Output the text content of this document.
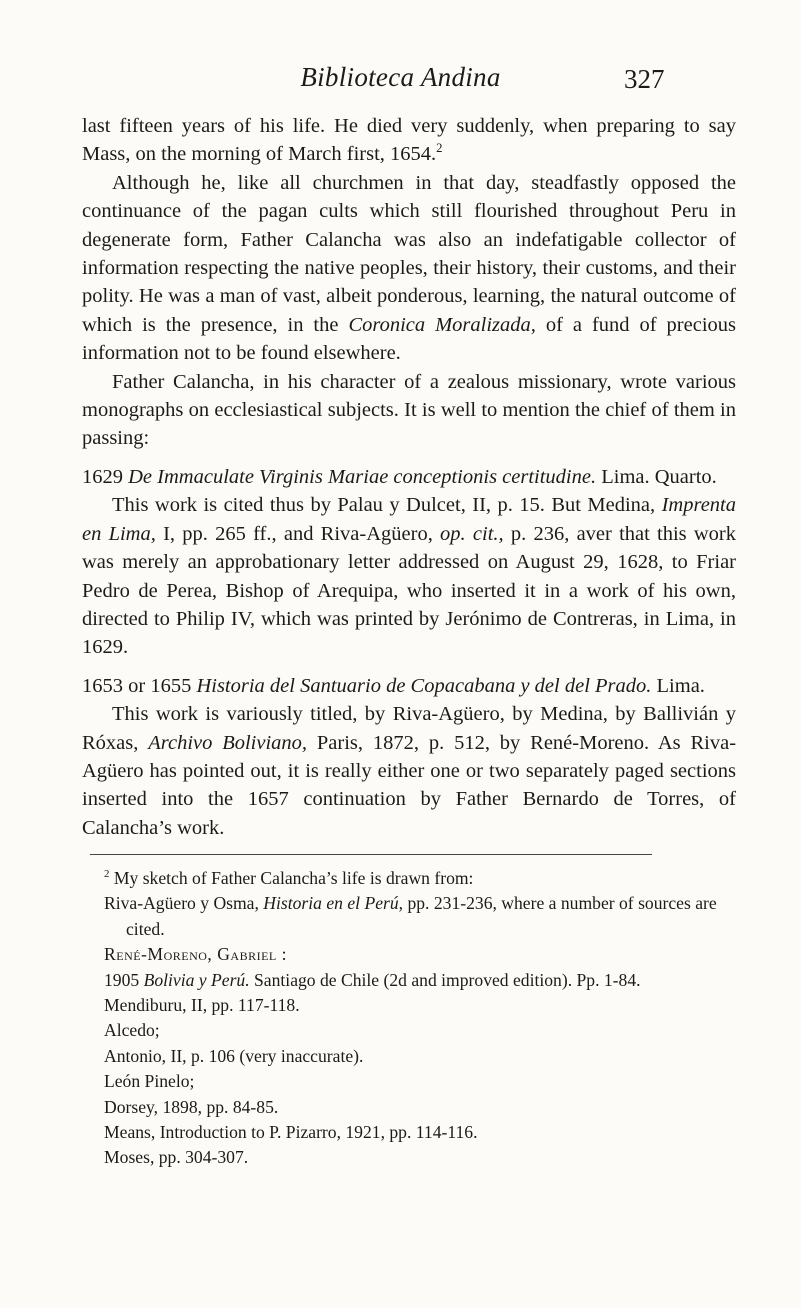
Biblioteca Andina	327

last fifteen years of his life. He died very suddenly, when preparing to say Mass, on the morning of March first, 1654.$^2$

Although he, like all churchmen in that day, steadfastly opposed the continuance of the pagan cults which still flourished throughout Peru in degenerate form, Father Calancha was also an indefatigable collector of information respecting the native peoples, their history, their customs, and their polity. He was a man of vast, albeit ponderous, learning, the natural outcome of which is the presence, in the Coronica Moralizada, of a fund of precious information not to be found elsewhere.

Father Calancha, in his character of a zealous missionary, wrote various monographs on ecclesiastical subjects. It is well to mention the chief of them in passing:

1629 De Immaculate Virginis Mariae conceptionis certitudine. Lima. Quarto.

This work is cited thus by Palau y Dulcet, II, p. 15. But Medina, Imprenta en Lima, I, pp. 265 ff., and Riva-Agüero, op. cit., p. 236, aver that this work was merely an approbationary letter addressed on August 29, 1628, to Friar Pedro de Perea, Bishop of Arequipa, who inserted it in a work of his own, directed to Philip IV, which was printed by Jerónimo de Contreras, in Lima, in 1629.

1653 or 1655 Historia del Santuario de Copacabana y del del Prado. Lima.

This work is variously titled, by Riva-Agüero, by Medina, by Ballivián y Róxas, Archivo Boliviano, Paris, 1872, p. 512, by René-Moreno. As Riva-Agüero has pointed out, it is really either one or two separately paged sections inserted into the 1657 continuation by Father Bernardo de Torres, of Calancha’s work.

$^2$ My sketch of Father Calancha’s life is drawn from:

Riva-Agüero y Osma, Historia en el Perú, pp. 231-236, where a number of sources are cited.

René-Moreno, Gabriel :

1905 Bolivia y Perú. Santiago de Chile (2d and improved edition). Pp. 1-84.

Mendiburu, II, pp. 117-118.

Alcedo;

Antonio, II, p. 106 (very inaccurate).

León Pinelo;

Dorsey, 1898, pp. 84-85.

Means, Introduction to P. Pizarro, 1921, pp. 114-116.

Moses, pp. 304-307.
